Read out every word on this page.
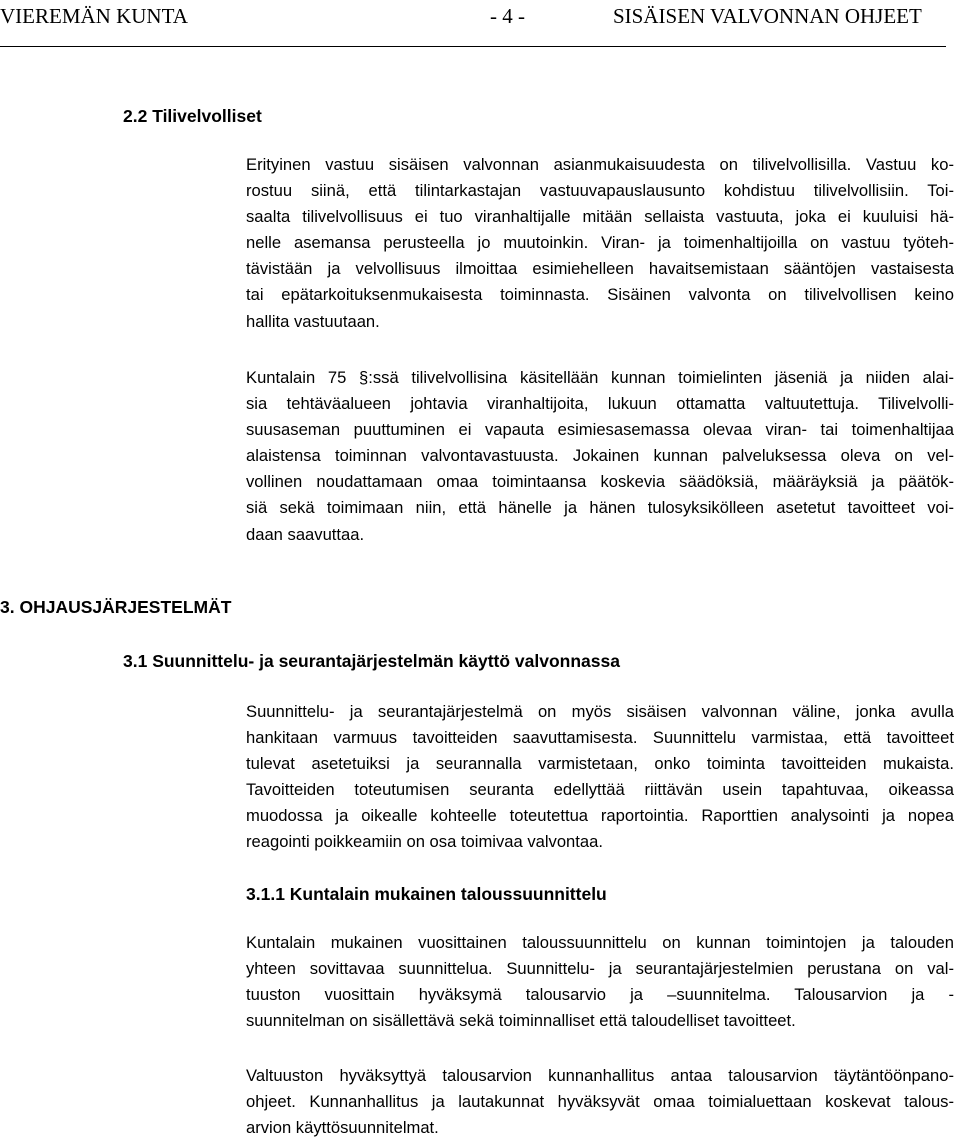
VIEREMÄN KUNTA	- 4 -	SISÄISEN VALVONNAN OHJEET
2.2 Tilivelvolliset
Erityinen vastuu sisäisen valvonnan asianmukaisuudesta on tilivelvollisilla. Vastuu ko-
rostuu siinä, että tilintarkastajan vastuuvapauslausunto kohdistuu tilivelvollisiin. Toi-
saalta tilivelvollisuus ei tuo viranhaltijalle mitään sellaista vastuuta, joka ei kuuluisi hä-
nelle asemansa perusteella jo muutoinkin. Viran- ja toimenhaltijoilla on vastuu työteh-
tävistään ja velvollisuus ilmoittaa esimiehelleen havaitsemistaan sääntöjen vastaisesta
tai epätarkoituksenmukaisesta toiminnasta. Sisäinen valvonta on tilivelvollisen keino
hallita vastuutaan.
Kuntalain 75 §:ssä tilivelvollisina käsitellään kunnan toimielinten jäseniä ja niiden alai-
sia tehtäväalueen johtavia viranhaltijoita, lukuun ottamatta valtuutettuja. Tilivelvolli-
suusaseman puuttuminen ei vapauta esimiesasemassa olevaa viran- tai toimenhaltijaa
alaistensa toiminnan valvontavastuusta. Jokainen kunnan palveluksessa oleva on vel-
vollinen noudattamaan omaa toimintaansa koskevia säädöksiä, määräyksiä ja päätök-
siä sekä toimimaan niin, että hänelle ja hänen tulosyksikölleen asetetut tavoitteet voi-
daan saavuttaa.
3. OHJAUSJÄRJESTELMÄT
3.1 Suunnittelu- ja seurantajärjestelmän käyttö valvonnassa
Suunnittelu- ja seurantajärjestelmä on myös sisäisen valvonnan väline, jonka avulla
hankitaan varmuus tavoitteiden saavuttamisesta. Suunnittelu varmistaa, että tavoitteet
tulevat asetetuiksi ja seurannalla varmistetaan, onko toiminta tavoitteiden mukaista.
Tavoitteiden toteutumisen seuranta edellyttää riittävän usein tapahtuvaa, oikeassa
muodossa ja oikealle kohteelle toteutettua raportointia. Raporttien analysointi ja nopea
reagointi poikkeamiin on osa toimivaa valvontaa.
3.1.1 Kuntalain mukainen taloussuunnittelu
Kuntalain mukainen vuosittainen taloussuunnittelu on kunnan toimintojen ja talouden
yhteen sovittavaa suunnittelua. Suunnittelu- ja seurantajärjestelmien perustana on val-
tuuston vuosittain hyväksymä talousarvio ja –suunnitelma. Talousarvion ja -
suunnitelman on sisällettävä sekä toiminnalliset että taloudelliset tavoitteet.
Valtuuston hyväksyttyä talousarvion kunnanhallitus antaa talousarvion täytäntöönpano-
ohjeet. Kunnanhallitus ja lautakunnat hyväksyvät omaa toimialuettaan koskevat talous-
arvion käyttösuunnitelmat.
